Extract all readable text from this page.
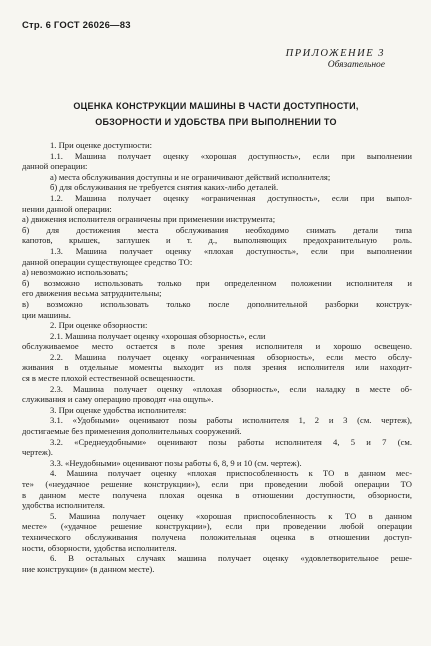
Стр. 6 ГОСТ 26026—83
ПРИЛОЖЕНИЕ 3
Обязательное
ОЦЕНКА КОНСТРУКЦИИ МАШИНЫ В ЧАСТИ ДОСТУПНОСТИ,
ОБЗОРНОСТИ И УДОБСТВА ПРИ ВЫПОЛНЕНИИ ТО
1. При оценке доступности:
1.1. Машина получает оценку «хорошая доступность», если при выполнении
данной операции:
а) места обслуживания доступны и не ограничивают действий исполнителя;
б) для обслуживания не требуется снятия каких-либо деталей.
1.2. Машина получает оценку «ограниченная доступность», если при выпол-
нении данной операции:
а) движения исполнителя ограничены при применении инструмента;
б) для достижения места обслуживания необходимо снимать детали типа
капотов, крышек, заглушек и т. д., выполняющих предохранительную роль.
1.3. Машина получает оценку «плохая доступность», если при выполнении
данной операции существующее средство ТО:
а) невозможно использовать;
б) возможно использовать только при определенном положении исполнителя и
его движения весьма затруднительны;
в) возможно использовать только после дополнительной разборки конструк-
ции машины.
2. При оценке обзорности:
2.1. Машина получает оценку «хорошая обзорность», если
обслуживаемое место остается в поле зрения исполнителя и хорошо освещено.
2.2. Машина получает оценку «ограниченная обзорность», если место обслу-
живания в отдельные моменты выходит из поля зрения исполнителя или находит-
ся в месте плохой естественной освещенности.
2.3. Машина получает оценку «плохая обзорность», если наладку в месте об-
служивания и саму операцию проводят «на ощупь».
3. При оценке удобства исполнителя:
3.1. «Удобными» оценивают позы работы исполнителя 1, 2 и 3 (см. чертеж),
достигаемые без применения дополнительных сооружений.
3.2. «Среднеудобными» оценивают позы работы исполнителя 4, 5 и 7 (см.
чертеж).
3.3. «Неудобными» оценивают позы работы 6, 8, 9 и 10 (см. чертеж).
4. Машина получает оценку «плохая приспособленность к ТО в данном мес-
те» («неудачное решение конструкции»), если при проведении любой операции ТО
в данном месте получена плохая оценка в отношении доступности, обзорности,
удобства исполнителя.
5. Машина получает оценку «хорошая приспособленность к ТО в данном
месте» («удачное решение конструкции»), если при проведении любой операции
технического обслуживания получена положительная оценка в отношении доступ-
ности, обзорности, удобства исполнителя.
6. В остальных случаях машина получает оценку «удовлетворительное реше-
ние конструкции» (в данном месте).
